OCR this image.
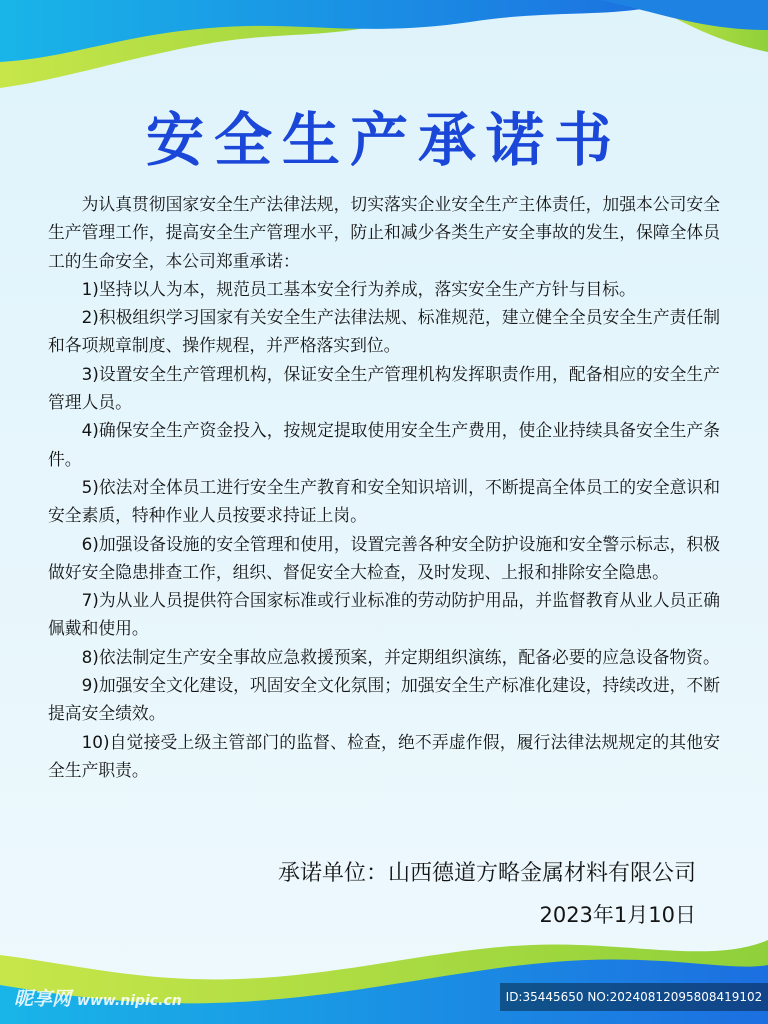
安全生产承诺书

为认真贯彻国家安全生产法律法规，切实落实企业安全生产主体责任，加强本公司安全生产管理工作，提高安全生产管理水平，防止和减少各类生产安全事故的发生，保障全体员工的生命安全，本公司郑重承诺：

1)坚持以人为本，规范员工基本安全行为养成，落实安全生产方针与目标。

2)积极组织学习国家有关安全生产法律法规、标准规范，建立健全全员安全生产责任制和各项规章制度、操作规程，并严格落实到位。

3)设置安全生产管理机构，保证安全生产管理机构发挥职责作用，配备相应的安全生产管理人员。

4)确保安全生产资金投入，按规定提取使用安全生产费用，使企业持续具备安全生产条件。

5)依法对全体员工进行安全生产教育和安全知识培训，不断提高全体员工的安全意识和安全素质，特种作业人员按要求持证上岗。

6)加强设备设施的安全管理和使用，设置完善各种安全防护设施和安全警示标志，积极做好安全隐患排查工作，组织、督促安全大检查，及时发现、上报和排除安全隐患。

7)为从业人员提供符合国家标准或行业标准的劳动防护用品，并监督教育从业人员正确佩戴和使用。

8)依法制定生产安全事故应急救援预案，并定期组织演练，配备必要的应急设备物资。

9)加强安全文化建设，巩固安全文化氛围；加强安全生产标准化建设，持续改进，不断提高安全绩效。

10)自觉接受上级主管部门的监督、检查，绝不弄虚作假，履行法律法规规定的其他安全生产职责。

承诺单位：山西德道方略金属材料有限公司
2023年1月10日
昵享网 www.nipic.cn	ID:35445650 NO:20240812095808419102
